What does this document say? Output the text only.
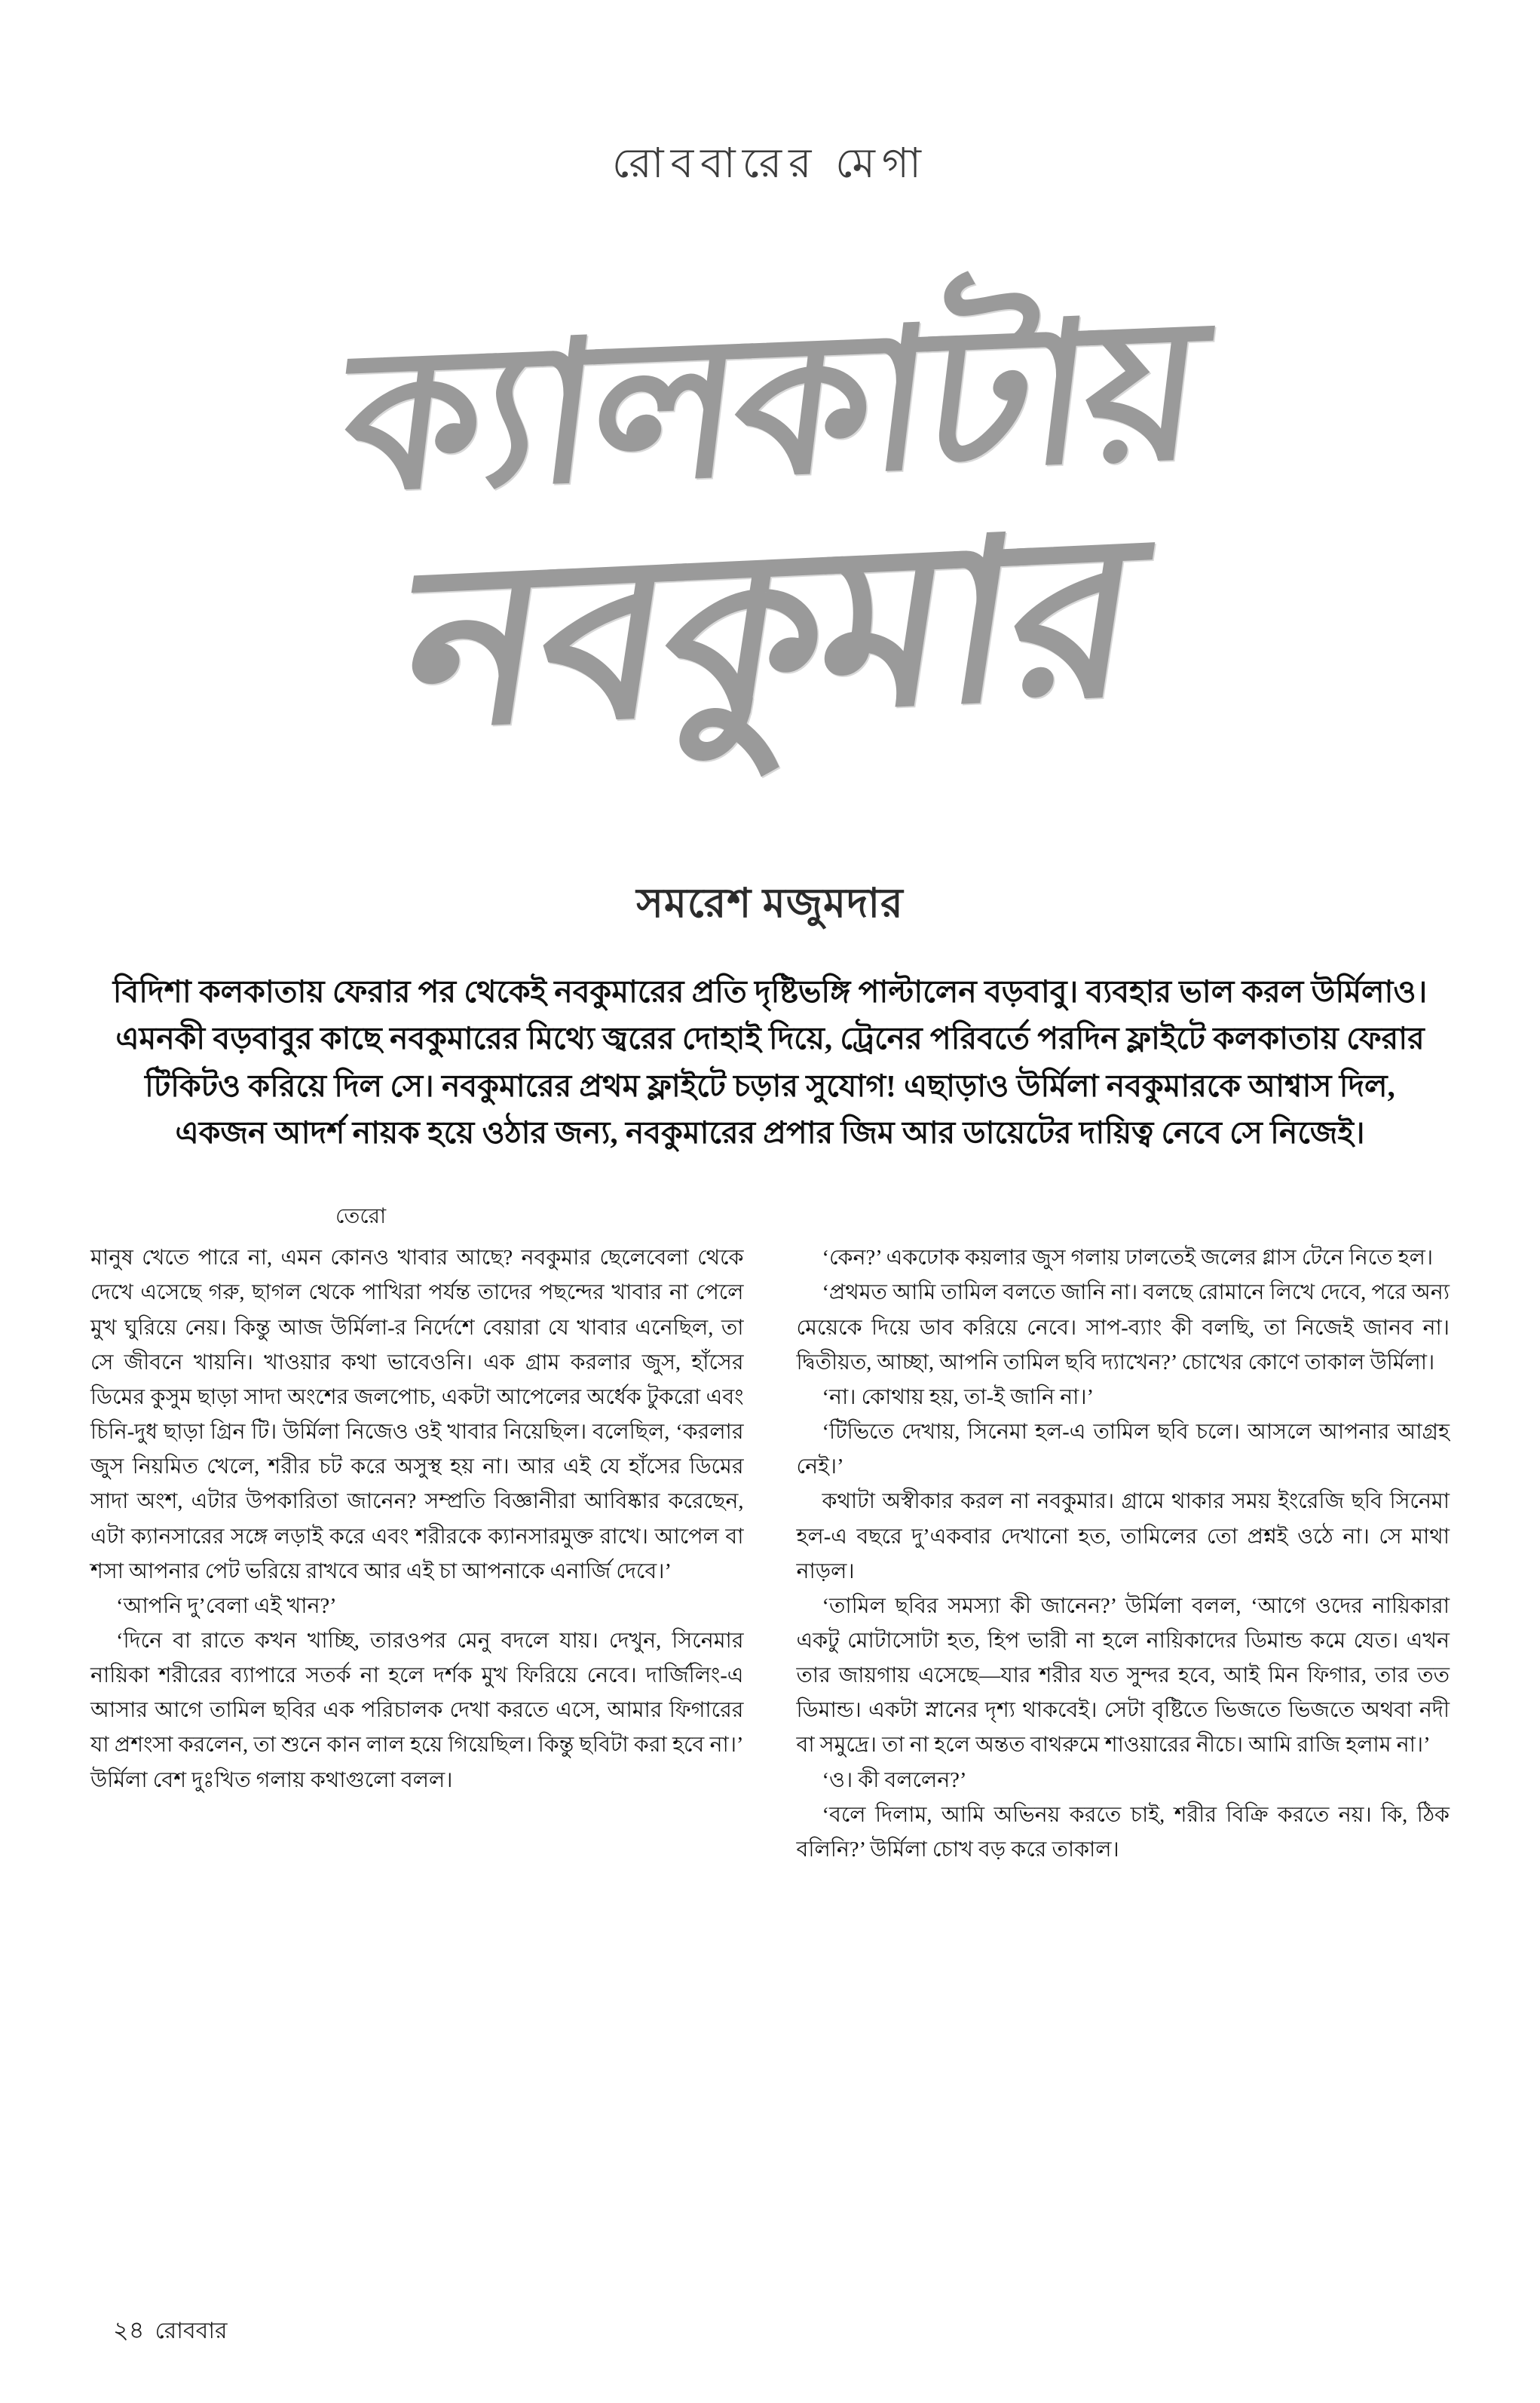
রোববারের মেগা
ক্যালকাটায়
নবকুমার
সমরেশ মজুমদার
বিদিশা কলকাতায় ফেরার পর থেকেই নবকুমারের প্রতি দৃষ্টিভঙ্গি পাল্টালেন বড়বাবু। ব্যবহার ভাল করল উর্মিলাও। এমনকী বড়বাবুর কাছে নবকুমারের মিথ্যে জ্বরের দোহাই দিয়ে, ট্রেনের পরিবর্তে পরদিন ফ্লাইটে কলকাতায় ফেরার টিকিটও করিয়ে দিল সে। নবকুমারের প্রথম ফ্লাইটে চড়ার সুযোগ! এছাড়াও উর্মিলা নবকুমারকে আশ্বাস দিল, একজন আদর্শ নায়ক হয়ে ওঠার জন্য, নবকুমারের প্রপার জিম আর ডায়েটের দায়িত্ব নেবে সে নিজেই।
তেরো

মানুষ খেতে পারে না, এমন কোনও খাবার আছে? নবকুমার ছেলেবেলা থেকে দেখে এসেছে গরু, ছাগল থেকে পাখিরা পর্যন্ত তাদের পছন্দের খাবার না পেলে মুখ ঘুরিয়ে নেয়। কিন্তু আজ উর্মিলা-র নির্দেশে বেয়ারা যে খাবার এনেছিল, তা সে জীবনে খায়নি। খাওয়ার কথা ভাবেওনি। এক গ্রাম করলার জুস, হাঁসের ডিমের কুসুম ছাড়া সাদা অংশের জলপোচ, একটা আপেলের অর্ধেক টুকরো এবং চিনি-দুধ ছাড়া গ্রিন টি। উর্মিলা নিজেও ওই খাবার নিয়েছিল। বলেছিল, ‘করলার জুস নিয়মিত খেলে, শরীর চট করে অসুস্থ হয় না। আর এই যে হাঁসের ডিমের সাদা অংশ, এটার উপকারিতা জানেন? সম্প্রতি বিজ্ঞানীরা আবিষ্কার করেছেন, এটা ক্যানসারের সঙ্গে লড়াই করে এবং শরীরকে ক্যানসারমুক্ত রাখে। আপেল বা শসা আপনার পেট ভরিয়ে রাখবে আর এই চা আপনাকে এনার্জি দেবে।’

‘আপনি দু’বেলা এই খান?’

‘দিনে বা রাতে কখন খাচ্ছি, তারওপর মেনু বদলে যায়। দেখুন, সিনেমার নায়িকা শরীরের ব্যাপারে সতর্ক না হলে দর্শক মুখ ফিরিয়ে নেবে। দার্জিলিং-এ আসার আগে তামিল ছবির এক পরিচালক দেখা করতে এসে, আমার ফিগারের যা প্রশংসা করলেন, তা শুনে কান লাল হয়ে গিয়েছিল। কিন্তু ছবিটা করা হবে না।’ উর্মিলা বেশ দুঃখিত গলায় কথাগুলো বলল।

‘কেন?’ একঢোক কয়লার জুস গলায় ঢালতেই জলের গ্লাস টেনে নিতে হল।

‘প্রথমত আমি তামিল বলতে জানি না। বলছে রোমানে লিখে দেবে, পরে অন্য মেয়েকে দিয়ে ডাব করিয়ে নেবে। সাপ-ব্যাং কী বলছি, তা নিজেই জানব না। দ্বিতীয়ত, আচ্ছা, আপনি তামিল ছবি দ্যাখেন?’ চোখের কোণে তাকাল উর্মিলা।

‘না। কোথায় হয়, তা-ই জানি না।’

‘টিভিতে দেখায়, সিনেমা হল-এ তামিল ছবি চলে। আসলে আপনার আগ্রহ নেই।’

কথাটা অস্বীকার করল না নবকুমার। গ্রামে থাকার সময় ইংরেজি ছবি সিনেমা হল-এ বছরে দু’একবার দেখানো হত, তামিলের তো প্রশ্নই ওঠে না। সে মাথা নাড়ল।

‘তামিল ছবির সমস্যা কী জানেন?’ উর্মিলা বলল, ‘আগে ওদের নায়িকারা একটু মোটাসোটা হত, হিপ ভারী না হলে নায়িকাদের ডিমান্ড কমে যেত। এখন তার জায়গায় এসেছে—যার শরীর যত সুন্দর হবে, আই মিন ফিগার, তার তত ডিমান্ড। একটা স্নানের দৃশ্য থাকবেই। সেটা বৃষ্টিতে ভিজতে ভিজতে অথবা নদী বা সমুদ্রে। তা না হলে অন্তত বাথরুমে শাওয়ারের নীচে। আমি রাজি হলাম না।’

‘ও। কী বললেন?’

‘বলে দিলাম, আমি অভিনয় করতে চাই, শরীর বিক্রি করতে নয়। কি, ঠিক বলিনি?’ উর্মিলা চোখ বড় করে তাকাল।

২৪ রোববার
